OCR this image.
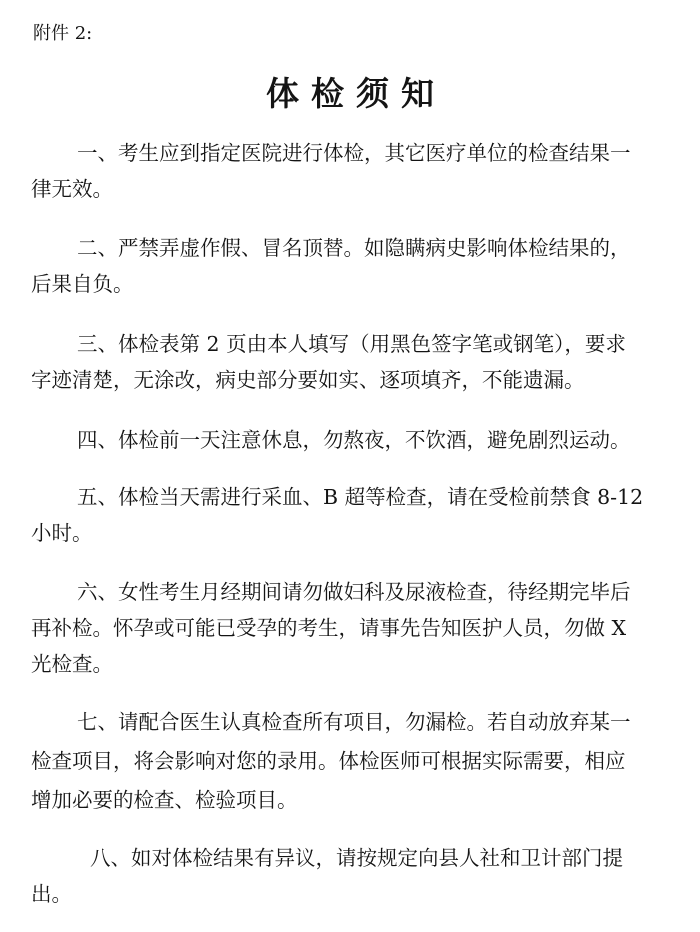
附件 2:
体检须知
一、考生应到指定医院进行体检，其它医疗单位的检查结果一
律无效。
二、严禁弄虚作假、冒名顶替。如隐瞒病史影响体检结果的，
后果自负。
三、体检表第 2 页由本人填写（用黑色签字笔或钢笔），要求
字迹清楚，无涂改，病史部分要如实、逐项填齐，不能遗漏。
四、体检前一天注意休息，勿熬夜，不饮酒，避免剧烈运动。
五、体检当天需进行采血、B 超等检查，请在受检前禁食 8-12
小时。
六、女性考生月经期间请勿做妇科及尿液检查，待经期完毕后
再补检。怀孕或可能已受孕的考生，请事先告知医护人员，勿做 X
光检查。
七、请配合医生认真检查所有项目，勿漏检。若自动放弃某一
检查项目，将会影响对您的录用。体检医师可根据实际需要，相应
增加必要的检查、检验项目。
八、如对体检结果有异议，请按规定向县人社和卫计部门提
出。
